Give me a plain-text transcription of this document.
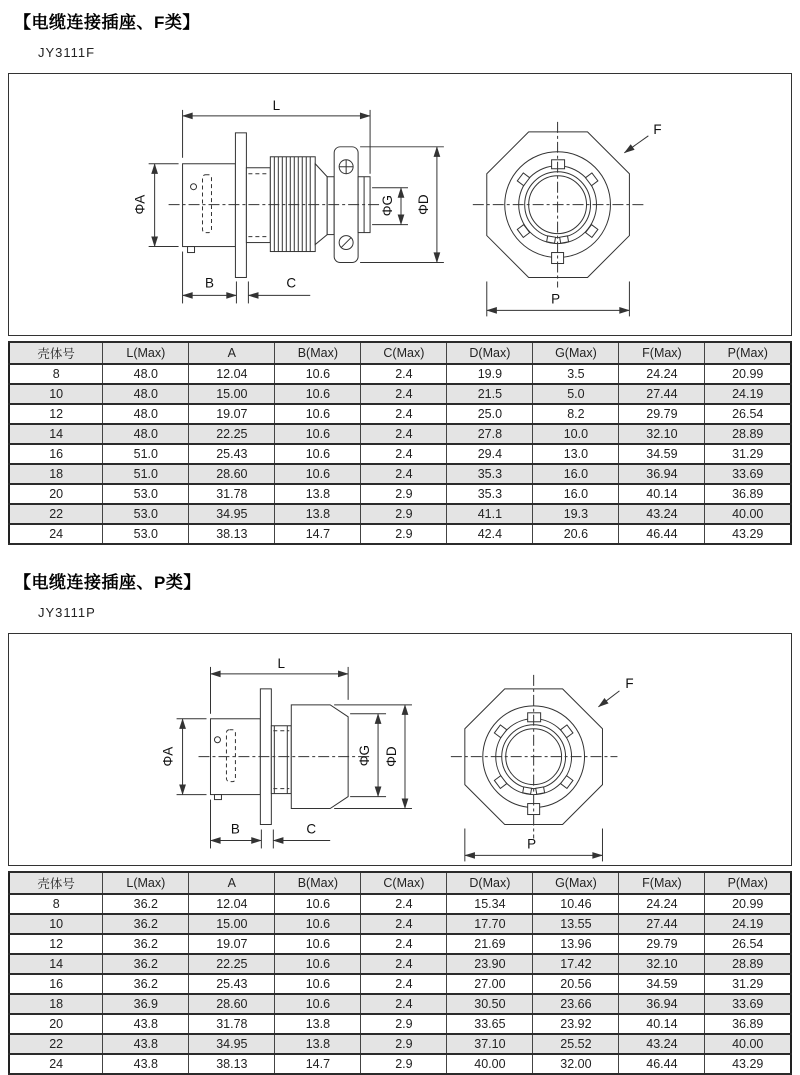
【电缆连接插座、F类】
JY3111F
L
ΦA	ΦG ΦD
B	C
F
P
壳体号	L(Max)	A	B(Max)	C(Max)	D(Max)	G(Max)	F(Max)	P(Max)
8	48.0	12.04	10.6	2.4	19.9	3.5	24.24	20.99
10	48.0	15.00	10.6	2.4	21.5	5.0	27.44	24.19
12	48.0	19.07	10.6	2.4	25.0	8.2	29.79	26.54
14	48.0	22.25	10.6	2.4	27.8	10.0	32.10	28.89
16	51.0	25.43	10.6	2.4	29.4	13.0	34.59	31.29
18	51.0	28.60	10.6	2.4	35.3	16.0	36.94	33.69
20	53.0	31.78	13.8	2.9	35.3	16.0	40.14	36.89
22	53.0	34.95	13.8	2.9	41.1	19.3	43.24	40.00
24	53.0	38.13	14.7	2.9	42.4	20.6	46.44	43.29
【电缆连接插座、P类】
JY3111P
L
ΦA	ΦG ΦD
B	C
F
P
壳体号	L(Max)	A	B(Max)	C(Max)	D(Max)	G(Max)	F(Max)	P(Max)
8	36.2	12.04	10.6	2.4	15.34	10.46	24.24	20.99
10	36.2	15.00	10.6	2.4	17.70	13.55	27.44	24.19
12	36.2	19.07	10.6	2.4	21.69	13.96	29.79	26.54
14	36.2	22.25	10.6	2.4	23.90	17.42	32.10	28.89
16	36.2	25.43	10.6	2.4	27.00	20.56	34.59	31.29
18	36.9	28.60	10.6	2.4	30.50	23.66	36.94	33.69
20	43.8	31.78	13.8	2.9	33.65	23.92	40.14	36.89
22	43.8	34.95	13.8	2.9	37.10	25.52	43.24	40.00
24	43.8	38.13	14.7	2.9	40.00	32.00	46.44	43.29
